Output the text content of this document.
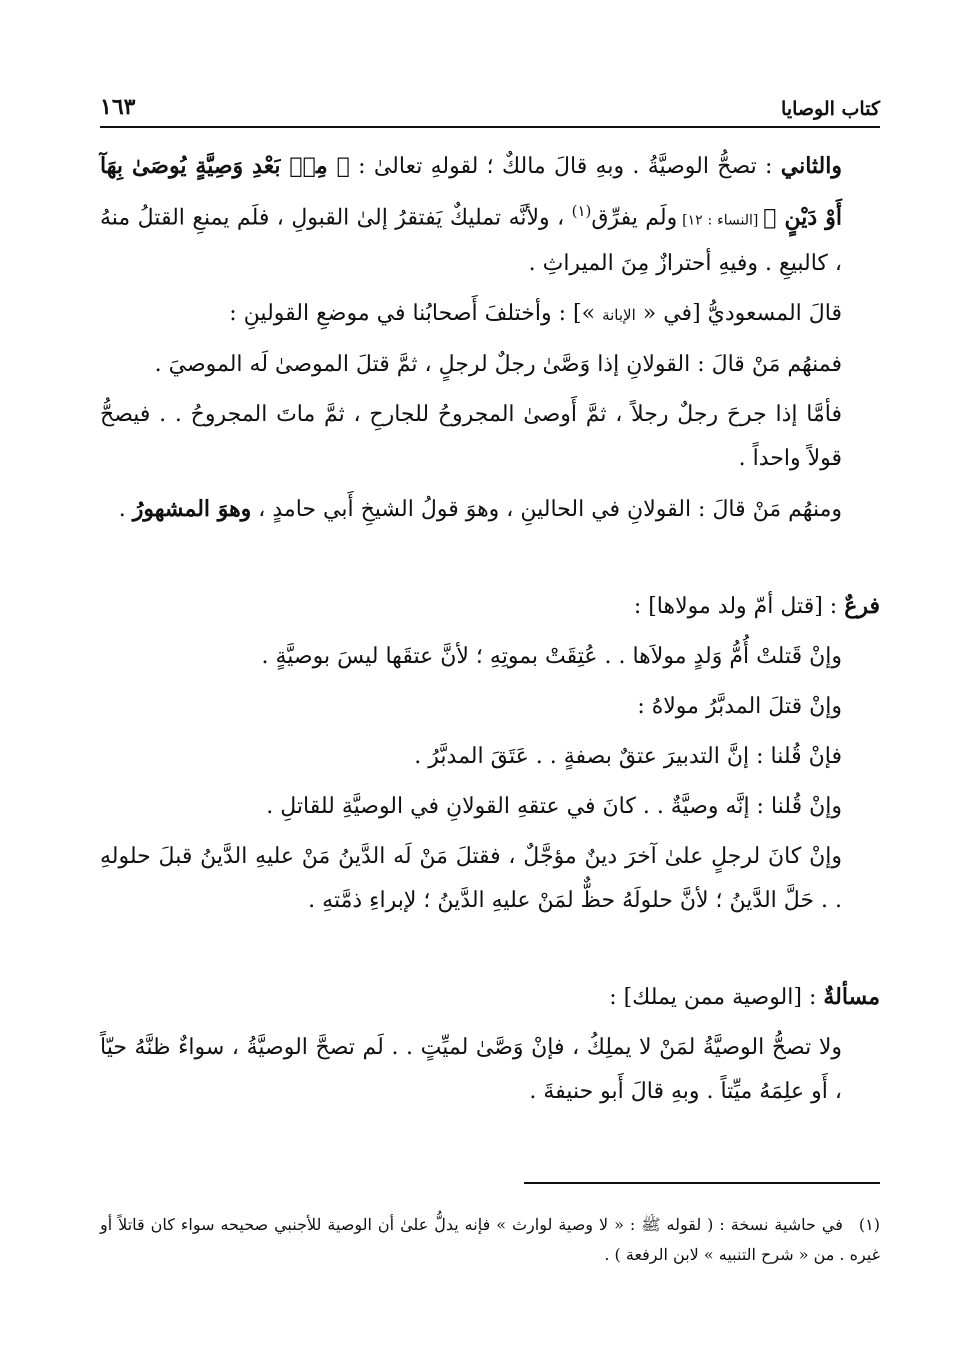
كتاب الوصايا
١٦٣

والثاني : تصحُّ الوصيَّةُ . وبهِ قالَ مالكٌ ؛ لقولهِ تعالىٰ : ﴿ مِنۢ بَعْدِ وَصِيَّةٍ يُوصَىٰ بِهَآ أَوْ دَيْنٍ ﴾ [النساء : ١٢] ولَم يفرِّق$^{(١)}$ ، ولأنَّه تمليكٌ يَفتقرُ إلىٰ القبولِ ، فلَم يمنعِ القتلُ منهُ ، كالبيعِ . وفيهِ أحترازٌ مِنَ الميراثِ .

قالَ المسعوديُّ [في « الإبانة »] : وأختلفَ أَصحابُنا في موضعِ القولينِ :

فمنهُم مَنْ قالَ : القولانِ إذا وَصَّىٰ رجلٌ لرجلٍ ، ثمَّ قتلَ الموصىٰ لَه الموصيَ .

فأمَّا إذا جرحَ رجلٌ رجلاً ، ثمَّ أَوصىٰ المجروحُ للجارحِ ، ثمَّ ماتَ المجروحُ . . فيصحُّ قولاً واحداً .

ومنهُم مَنْ قالَ : القولانِ في الحالينِ ، وهوَ قولُ الشيخِ أَبي حامدٍ ، وهوَ المشهورُ .

فرعٌ : [قتل أمّ ولد مولاها] :

وإنْ قَتلتْ أُمُّ وَلدٍ مولاَها . . عُتِقَتْ بموتِهِ ؛ لأنَّ عتقَها ليسَ بوصيَّةٍ .

وإنْ قتلَ المدبَّرُ مولاهُ :

فإنْ قُلنا : إنَّ التدبيرَ عتقٌ بصفةٍ . . عَتَقَ المدبَّرُ .

وإنْ قُلنا : إنَّه وصيَّةٌ . . كانَ في عتقهِ القولانِ في الوصيَّةِ للقاتلِ .

وإنْ كانَ لرجلٍ علىٰ آخرَ دينٌ مؤجَّلٌ ، فقتلَ مَنْ لَه الدَّينُ مَنْ عليهِ الدَّينُ قبلَ حلولهِ . . حَلَّ الدَّينُ ؛ لأنَّ حلولَهُ حظٌّ لمَنْ عليهِ الدَّينُ ؛ لإبراءِ ذمَّتهِ .

مسألةٌ : [الوصية ممن يملك] :

ولا تصحُّ الوصيَّةُ لمَنْ لا يملِكُ ، فإنْ وَصَّىٰ لميِّتٍ . . لَم تصحَّ الوصيَّةُ ، سواءٌ ظنَّهُ حيّاً ، أَو علِمَهُ ميِّتاً . وبهِ قالَ أَبو حنيفةَ .

(١)في حاشية نسخة : ( لقوله ﷺ : « لا وصية لوارث » فإنه يدلُّ علىٰ أن الوصية للأجنبي صحيحه سواء كان قاتلاً أو غيره . من « شرح التنبيه » لابن الرفعة ) .
